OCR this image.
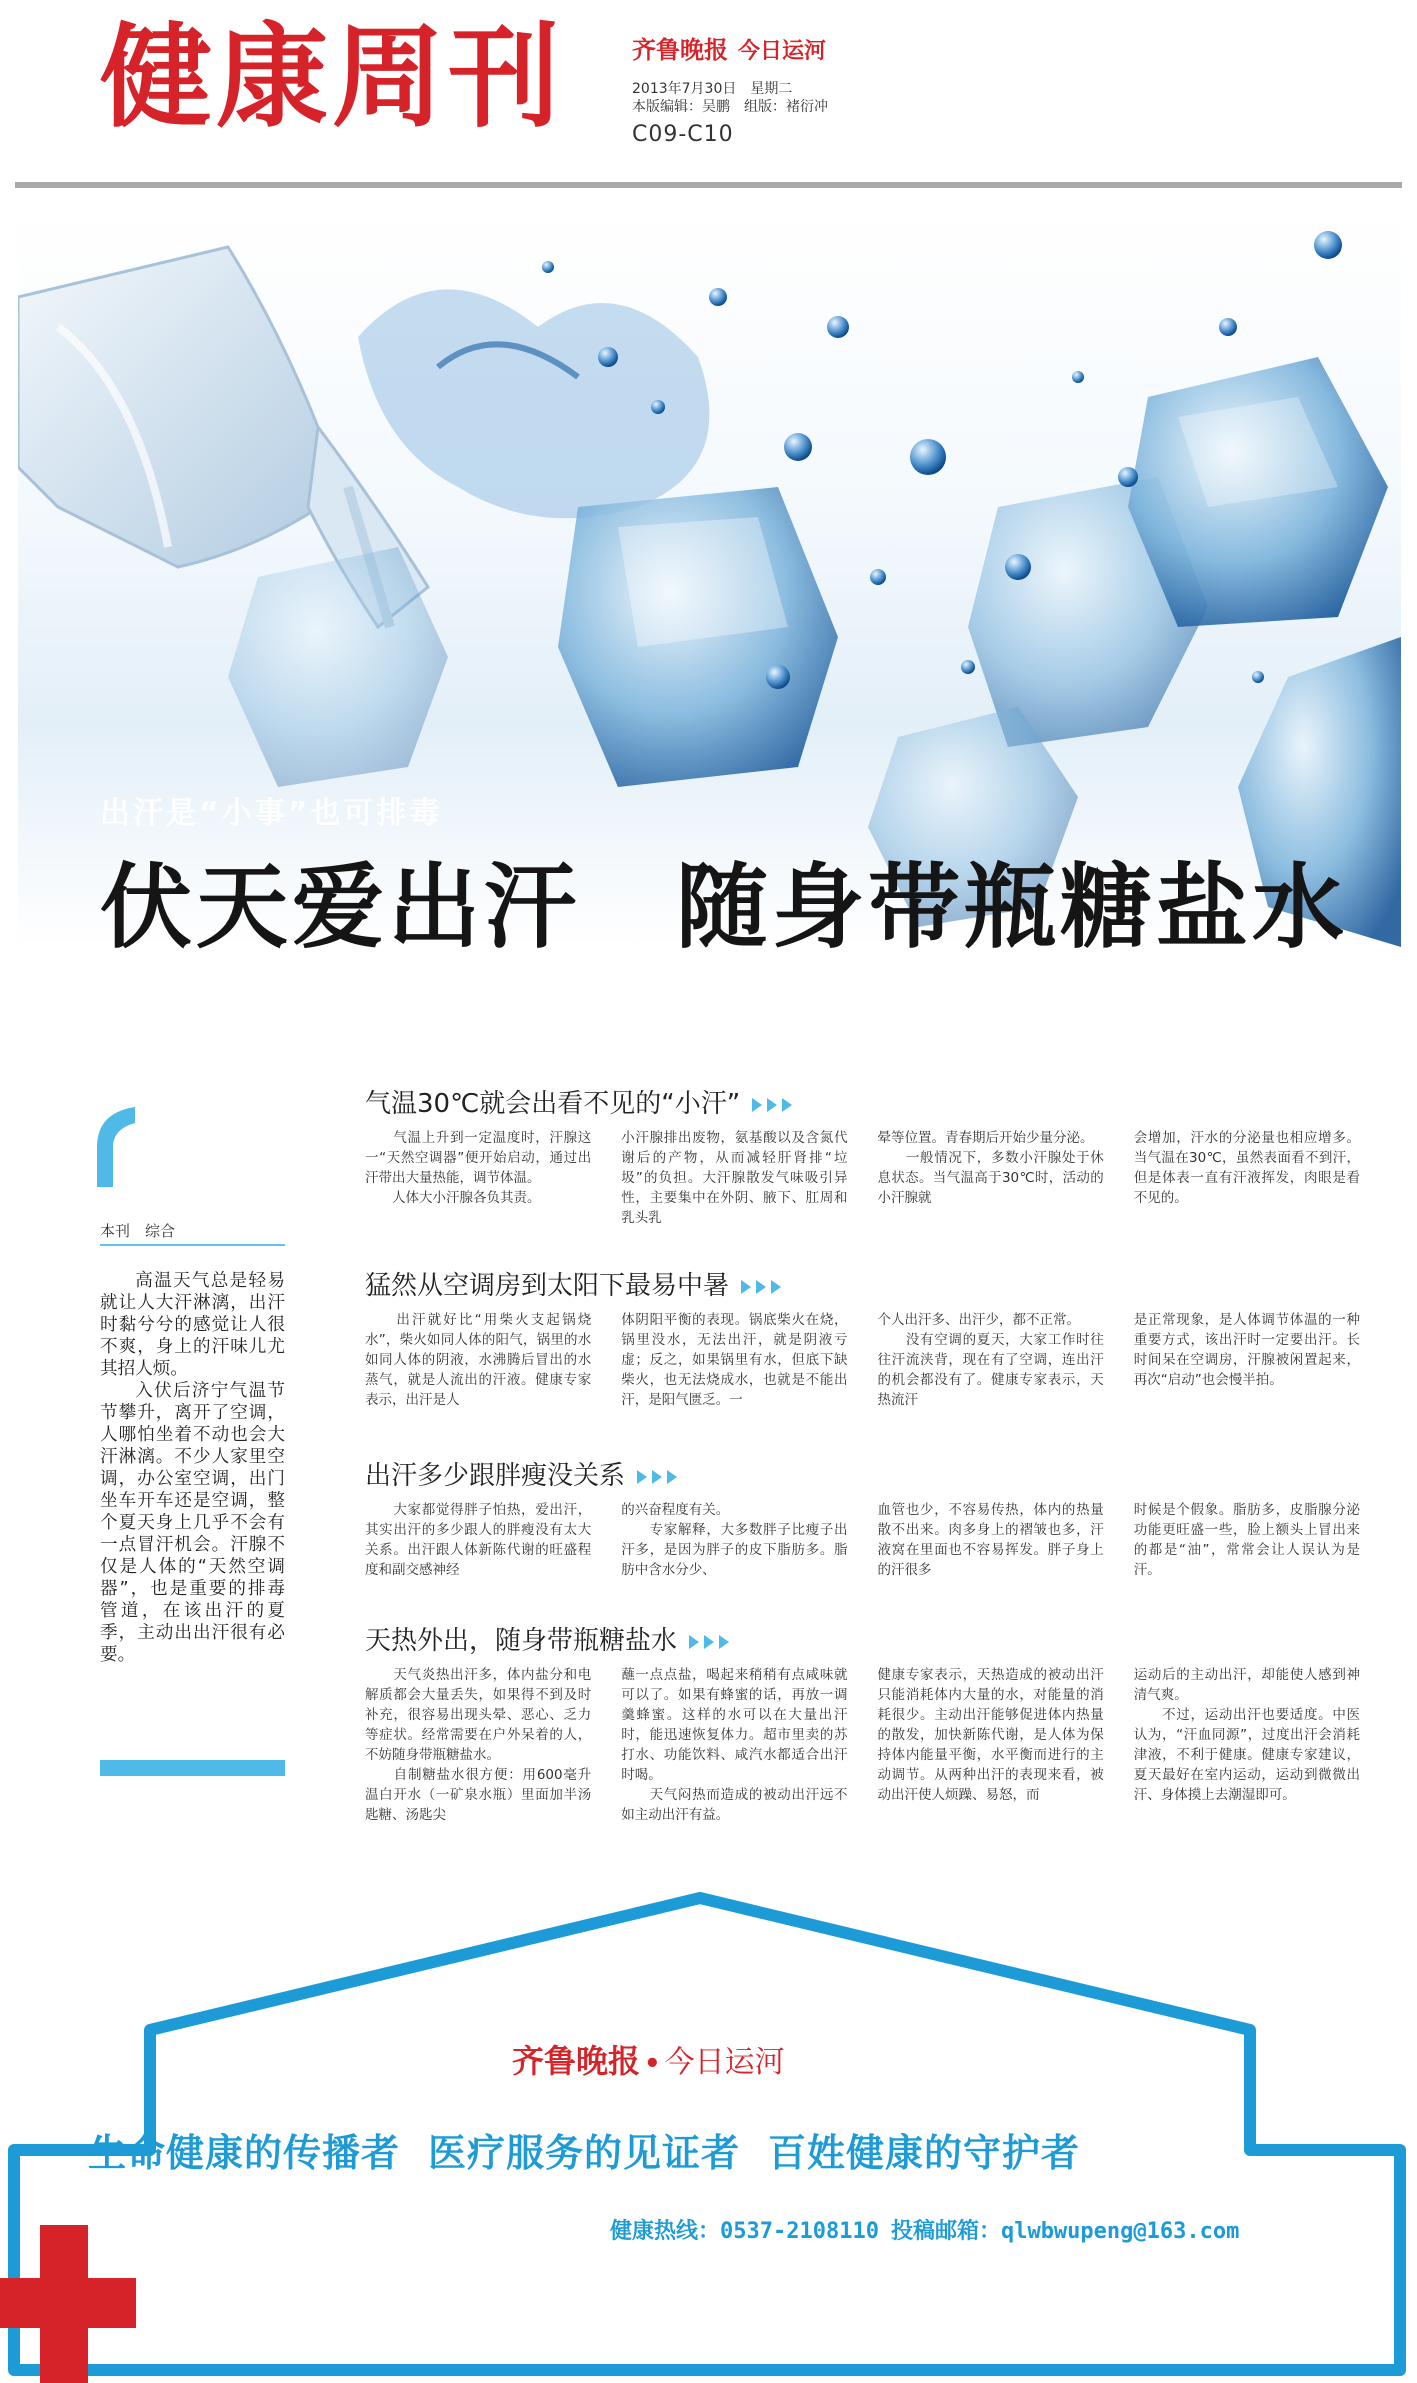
健康周刊	齐鲁晚报 今日运河
2013年7月30日　星期二
本版编辑：吴鹏　组版：褚衍冲
C09-C10
出汗是“小事”也可排毒
伏天爱出汗　随身带瓶糖盐水
本刊　综合

高温天气总是轻易就让人大汗淋漓，出汗时黏兮兮的感觉让人很不爽，身上的汗味儿尤其招人烦。

入伏后济宁气温节节攀升，离开了空调，人哪怕坐着不动也会大汗淋漓。不少人家里空调，办公室空调，出门坐车开车还是空调，整个夏天身上几乎不会有一点冒汗机会。汗腺不仅是人体的“天然空调器”，也是重要的排毒管道，在该出汗的夏季，主动出出汗很有必要。

气温30℃就会出看不见的“小汗”

　　气温上升到一定温度时，汗腺这一“天然空调器”便开始启动，通过出汗带出大量热能，调节体温。
　　人体大小汗腺各负其责。

小汗腺排出废物，氨基酸以及含氮代谢后的产物，从而减轻肝肾排“垃圾”的负担。大汗腺散发气味吸引异性，主要集中在外阴、腋下、肛周和乳头乳

晕等位置。青春期后开始少量分泌。
　　一般情况下，多数小汗腺处于休息状态。当气温高于30℃时，活动的小汗腺就

会增加，汗水的分泌量也相应增多。当气温在30℃，虽然表面看不到汗，但是体表一直有汗液挥发，肉眼是看不见的。

猛然从空调房到太阳下最易中暑

　　出汗就好比“用柴火支起锅烧水”，柴火如同人体的阳气，锅里的水如同人体的阴液，水沸腾后冒出的水蒸气，就是人流出的汗液。健康专家表示，出汗是人

体阴阳平衡的表现。锅底柴火在烧，锅里没水，无法出汗，就是阴液亏虚；反之，如果锅里有水，但底下缺柴火，也无法烧成水，也就是不能出汗，是阳气匮乏。一

个人出汗多、出汗少，都不正常。
　　没有空调的夏天，大家工作时往往汗流浃背，现在有了空调，连出汗的机会都没有了。健康专家表示，天热流汗

是正常现象，是人体调节体温的一种重要方式，该出汗时一定要出汗。长时间呆在空调房，汗腺被闲置起来，再次“启动”也会慢半拍。

出汗多少跟胖瘦没关系

　　大家都觉得胖子怕热，爱出汗，其实出汗的多少跟人的胖瘦没有太大关系。出汗跟人体新陈代谢的旺盛程度和副交感神经

的兴奋程度有关。
　　专家解释，大多数胖子比瘦子出汗多，是因为胖子的皮下脂肪多。脂肪中含水分少、

血管也少，不容易传热，体内的热量散不出来。肉多身上的褶皱也多，汗液窝在里面也不容易挥发。胖子身上的汗很多

时候是个假象。脂肪多，皮脂腺分泌功能更旺盛一些，脸上额头上冒出来的都是“油”，常常会让人误认为是汗。

天热外出，随身带瓶糖盐水

　　天气炎热出汗多，体内盐分和电解质都会大量丢失，如果得不到及时补充，很容易出现头晕、恶心、乏力等症状。经常需要在户外呆着的人，不妨随身带瓶糖盐水。
　　自制糖盐水很方便：用600毫升温白开水（一矿泉水瓶）里面加半汤匙糖、汤匙尖

蘸一点点盐，喝起来稍稍有点咸味就可以了。如果有蜂蜜的话，再放一调羹蜂蜜。这样的水可以在大量出汗时，能迅速恢复体力。超市里卖的苏打水、功能饮料、咸汽水都适合出汗时喝。
　　天气闷热而造成的被动出汗远不如主动出汗有益。

健康专家表示，天热造成的被动出汗只能消耗体内大量的水，对能量的消耗很少。主动出汗能够促进体内热量的散发，加快新陈代谢，是人体为保持体内能量平衡，水平衡而进行的主动调节。从两种出汗的表现来看，被动出汗使人烦躁、易怒，而

运动后的主动出汗，却能使人感到神清气爽。
　　不过，运动出汗也要适度。中医认为，“汗血同源”，过度出汗会消耗津液，不利于健康。健康专家建议，夏天最好在室内运动，运动到微微出汗、身体摸上去潮湿即可。

齐鲁晚报 • 今日运河
生命健康的传播者 医疗服务的见证者 百姓健康的守护者
健康热线：0537-2108110 投稿邮箱：qlwbwupeng@163.com
